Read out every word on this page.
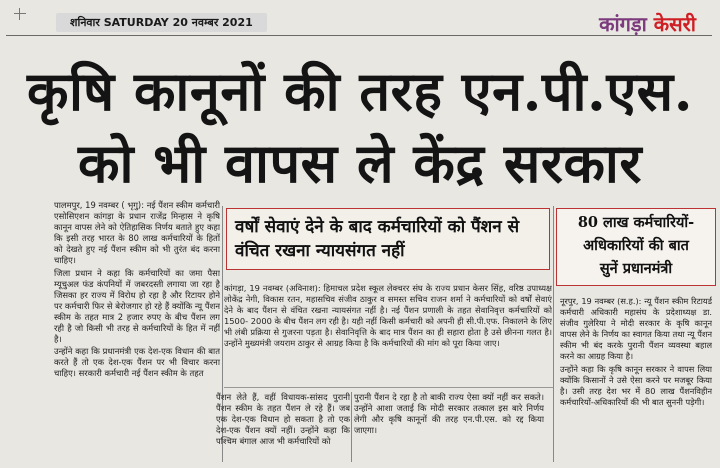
शनिवार SATURDAY 20 नवम्बर 2021	कांगड़ा केसरी
कृषि कानूनों की तरह एन.पी.एस.
को भी वापस ले केंद्र सरकार

पालमपुर, 19 नवम्बर ( भृगु): नई पैंशन स्कीम कर्मचारी एसोसिएशन कांगड़ा के प्रधान राजेंद्र मिन्हास ने कृषि कानून वापस लेने को ऐतिहासिक निर्णय बताते हुए कहा कि इसी तरह भारत के 80 लाख कर्मचारियों के हितों को देखते हुए नई पैंशन स्कीम को भी तुरंत बंद करना चाहिए।

जिला प्रधान ने कहा कि कर्मचारियों का जमा पैसा म्यूचुअल फंड कंपनियों में जबरदस्ती लगाया जा रहा है जिसका हर राज्य में विरोध हो रहा है और रिटायर होने पर कर्मचारी फिर से बेरोजगार हो रहे हैं क्योंकि न्यू पैंशन स्कीम के तहत मात्र 2 हजार रुपए के बीच पैंशन लग रही है जो किसी भी तरह से कर्मचारियों के हित में नहीं है।

उन्होंने कहा कि प्रधानमंत्री एक देश-एक विधान की बात करते हैं तो एक देश-एक पैंशन पर भी विचार करना चाहिए। सरकारी कर्मचारी नई पैंशन स्कीम के तहत

वर्षों सेवाएं देने के बाद कर्मचारियों को पैंशन से वंचित रखना न्यायसंगत नहीं
कांगड़ा, 19 नवम्बर (अविनाश): हिमाचल प्रदेश स्कूल लेक्चरर संघ के राज्य प्रधान केसर सिंह, वरिष्ठ उपाध्यक्ष लोकेंद्र नेगी, विकास रतन, महासचिव संजीव ठाकुर व समस्त सचिव राजन शर्मा ने कर्मचारियों को वर्षों सेवाएं देने के बाद पैंशन से वंचित रखना न्यायसंगत नहीं है। नई पैंशन प्रणाली के तहत सेवानिवृत्त कर्मचारियों को 1500- 2000 के बीच पैंशन लग रही है। यही नहीं किसी कर्मचारी को अपनी ही सी.पी.एफ. निकालने के लिए भी लंबी प्रक्रिया से गुजरना पड़ता है। सेवानिवृत्ति के बाद मात्र पैंशन का ही सहारा होता है उसे छीनना गलत है। उन्होंने मुख्यमंत्री जयराम ठाकुर से आग्रह किया है कि कर्मचारियों की मांग को पूरा किया जाए।
पैंशन लेते हैं, वहीं विधायक-सांसद पुरानी पैंशन स्कीम के तहत पैंशन ले रहे हैं। जब एक देश-एक विधान हो सकता है तो एक देश-एक पैंशन क्यों नहीं। उन्होंने कहा कि पश्चिम बंगाल आज भी कर्मचारियों को
पुरानी पैंशन दे रहा है तो बाकी राज्य ऐसा क्यों नहीं कर सकते। उन्होंने आशा जताई कि मोदी सरकार तत्काल इस बारे निर्णय लेगी और कृषि कानूनों की तरह एन.पी.एस. को रद्द किया जाएगा।
80 लाख कर्मचारियों-
अधिकारियों की बात
सुनें प्रधानमंत्री

नूरपुर, 19 नवम्बर (स.ह.): न्यू पैंशन स्कीम रिटायर्ड कर्मचारी अधिकारी महासंघ के प्रदेशाध्यक्ष डा. संजीव गुलेरिया ने मोदी सरकार के कृषि कानून वापस लेने के निर्णय का स्वागत किया तथा न्यू पैंशन स्कीम भी बंद करके पुरानी पैंशन व्यवस्था बहाल करने का आग्रह किया है।

उन्होंने कहा कि कृषि कानून सरकार ने वापस लिया क्योंकि किसानों ने उसे ऐसा करने पर मजबूर किया है। उसी तरह देश भर में 80 लाख पैंशनविहीन कर्मचारियों-अधिकारियों की भी बात सुननी पड़ेगी।
